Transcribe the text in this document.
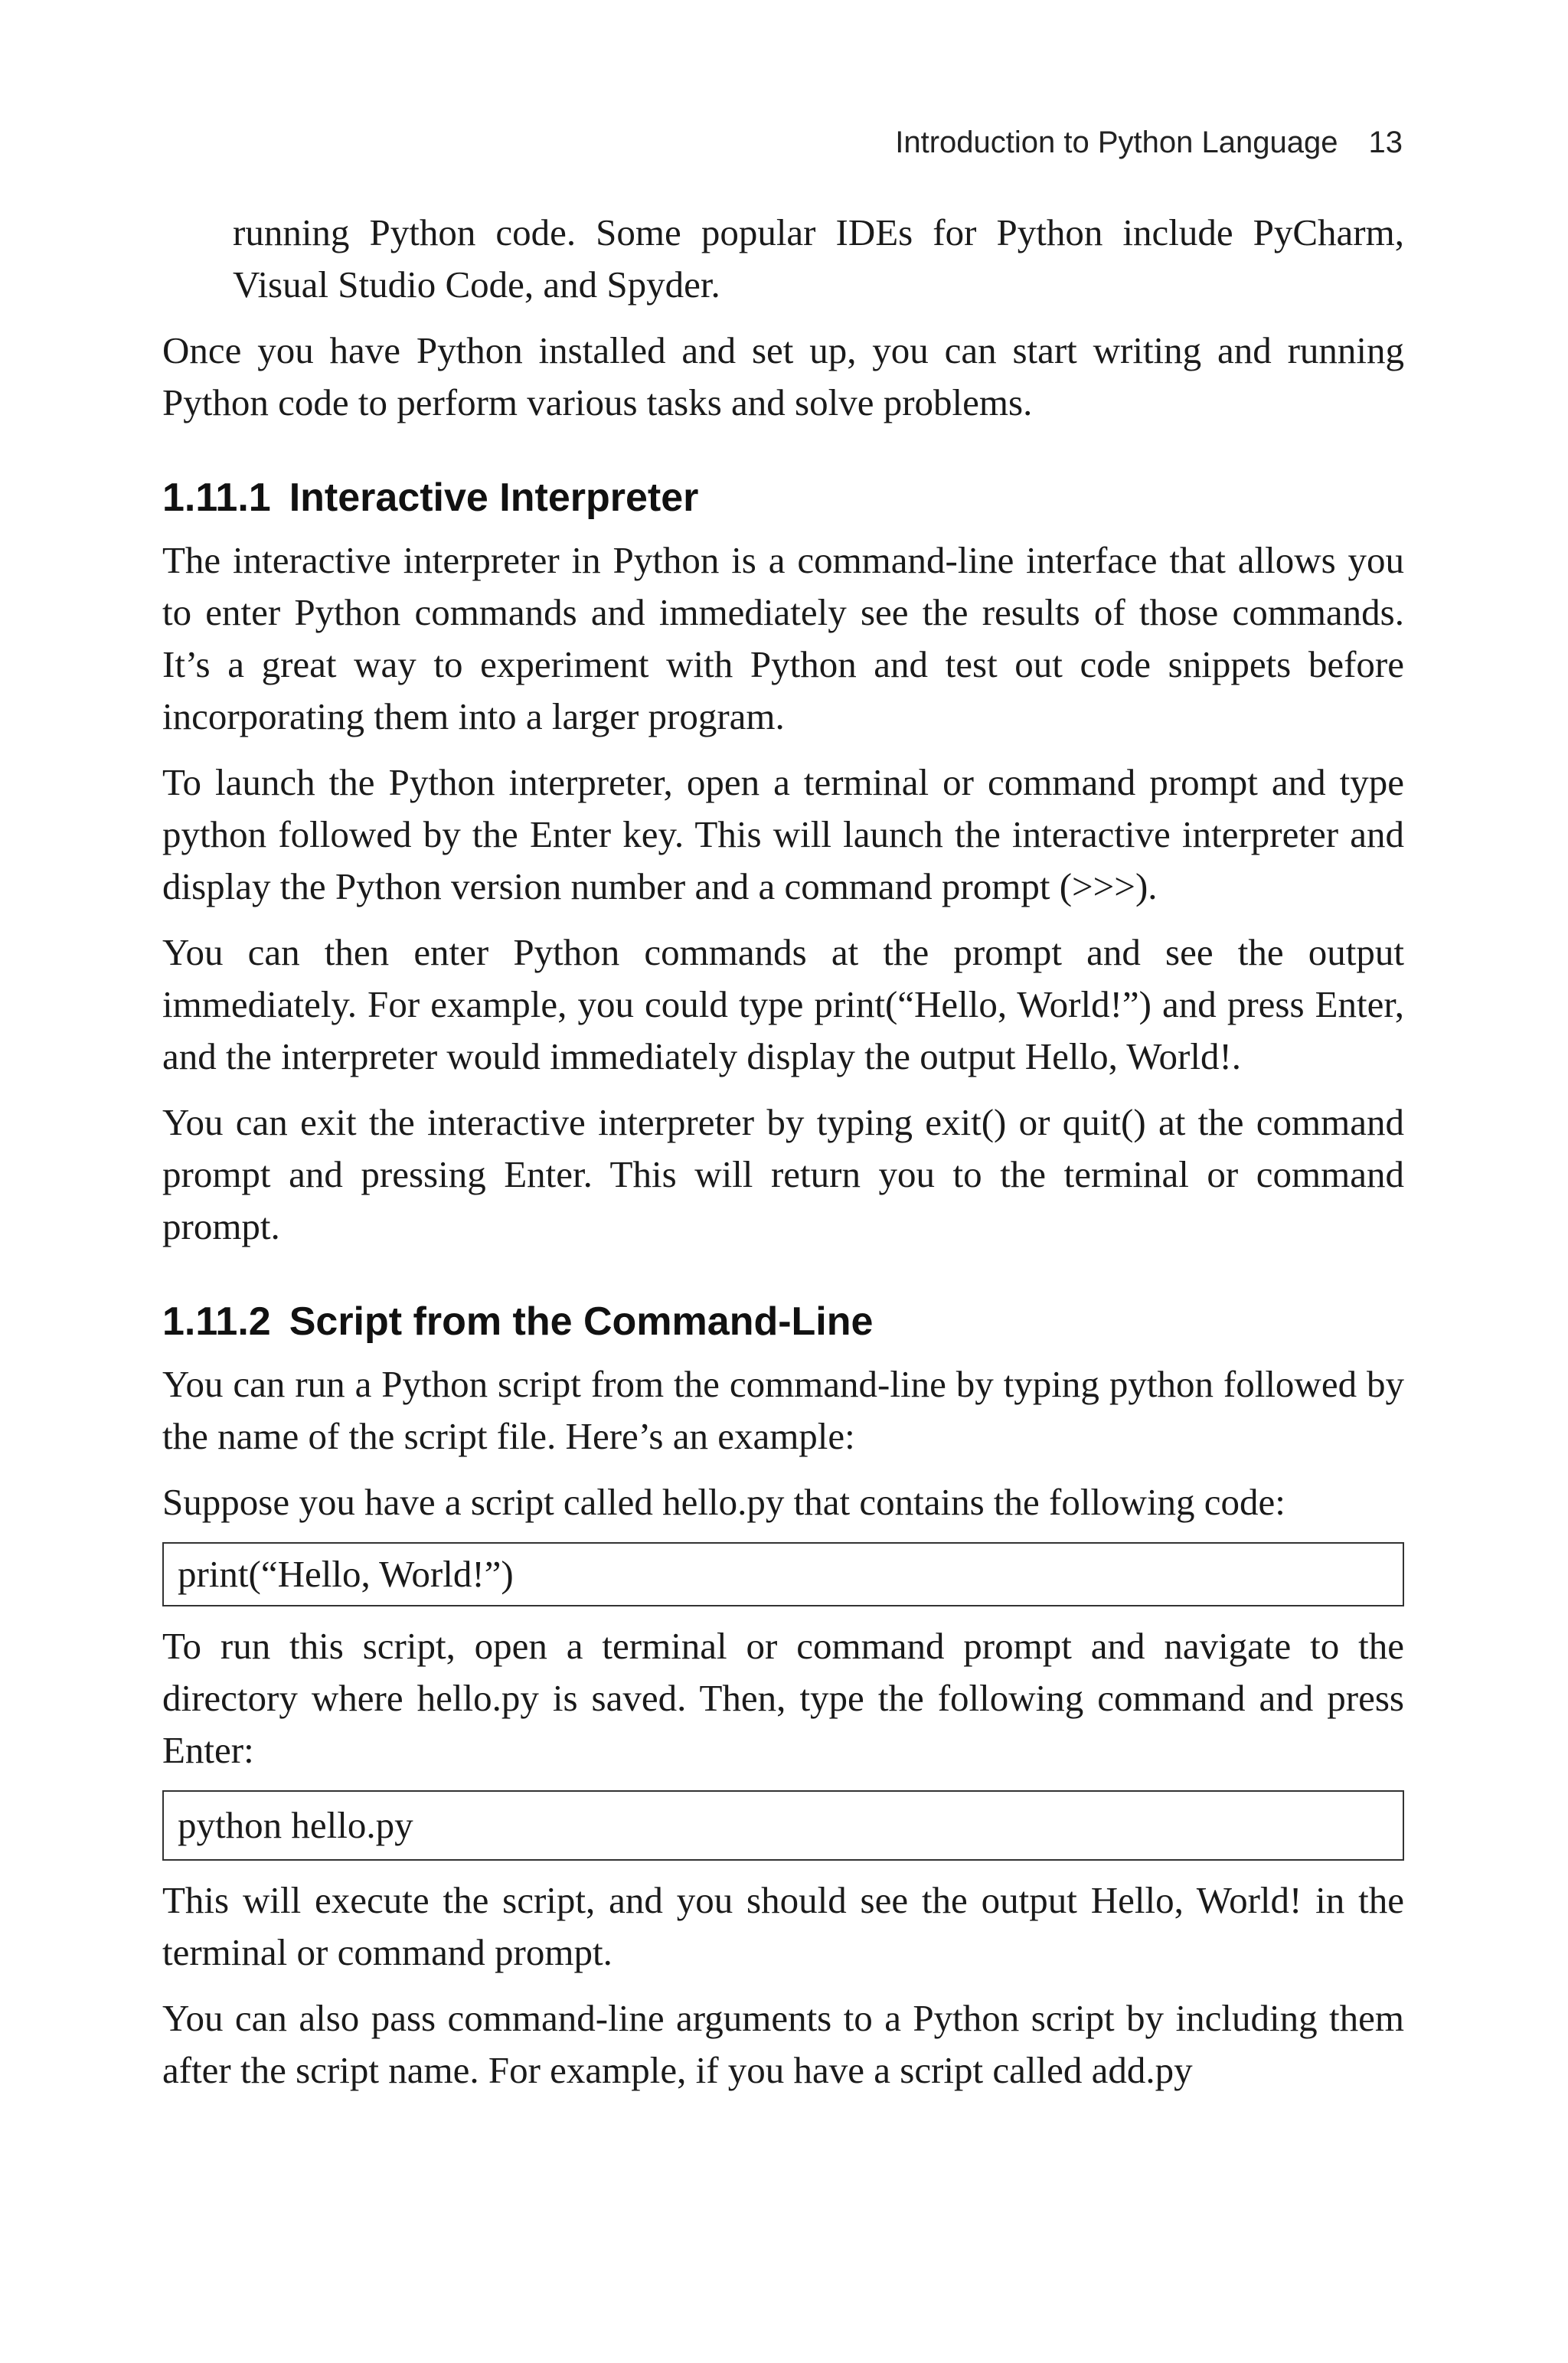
Introduction to Python Language 13

running Python code. Some popular IDEs for Python include PyCharm, Visual Studio Code, and Spyder.

Once you have Python installed and set up, you can start writing and running Python code to perform various tasks and solve problems.

1.11.1 Interactive Interpreter

The interactive interpreter in Python is a command-line interface that allows you to enter Python commands and immediately see the results of those commands. It’s a great way to experiment with Python and test out code snippets before incorporating them into a larger program.

To launch the Python interpreter, open a terminal or command prompt and type python followed by the Enter key. This will launch the interactive interpreter and display the Python version number and a command prompt (>>>).

You can then enter Python commands at the prompt and see the output immediately. For example, you could type print(“Hello, World!”) and press Enter, and the interpreter would immediately display the output Hello, World!.

You can exit the interactive interpreter by typing exit() or quit() at the command prompt and pressing Enter. This will return you to the terminal or command prompt.

1.11.2 Script from the Command-Line

You can run a Python script from the command-line by typing python followed by the name of the script file. Here’s an example:

Suppose you have a script called hello.py that contains the following code:

print(“Hello, World!”)

To run this script, open a terminal or command prompt and navigate to the directory where hello.py is saved. Then, type the following command and press Enter:

python hello.py

This will execute the script, and you should see the output Hello, World! in the terminal or command prompt.

You can also pass command-line arguments to a Python script by including them after the script name. For example, if you have a script called add.py
